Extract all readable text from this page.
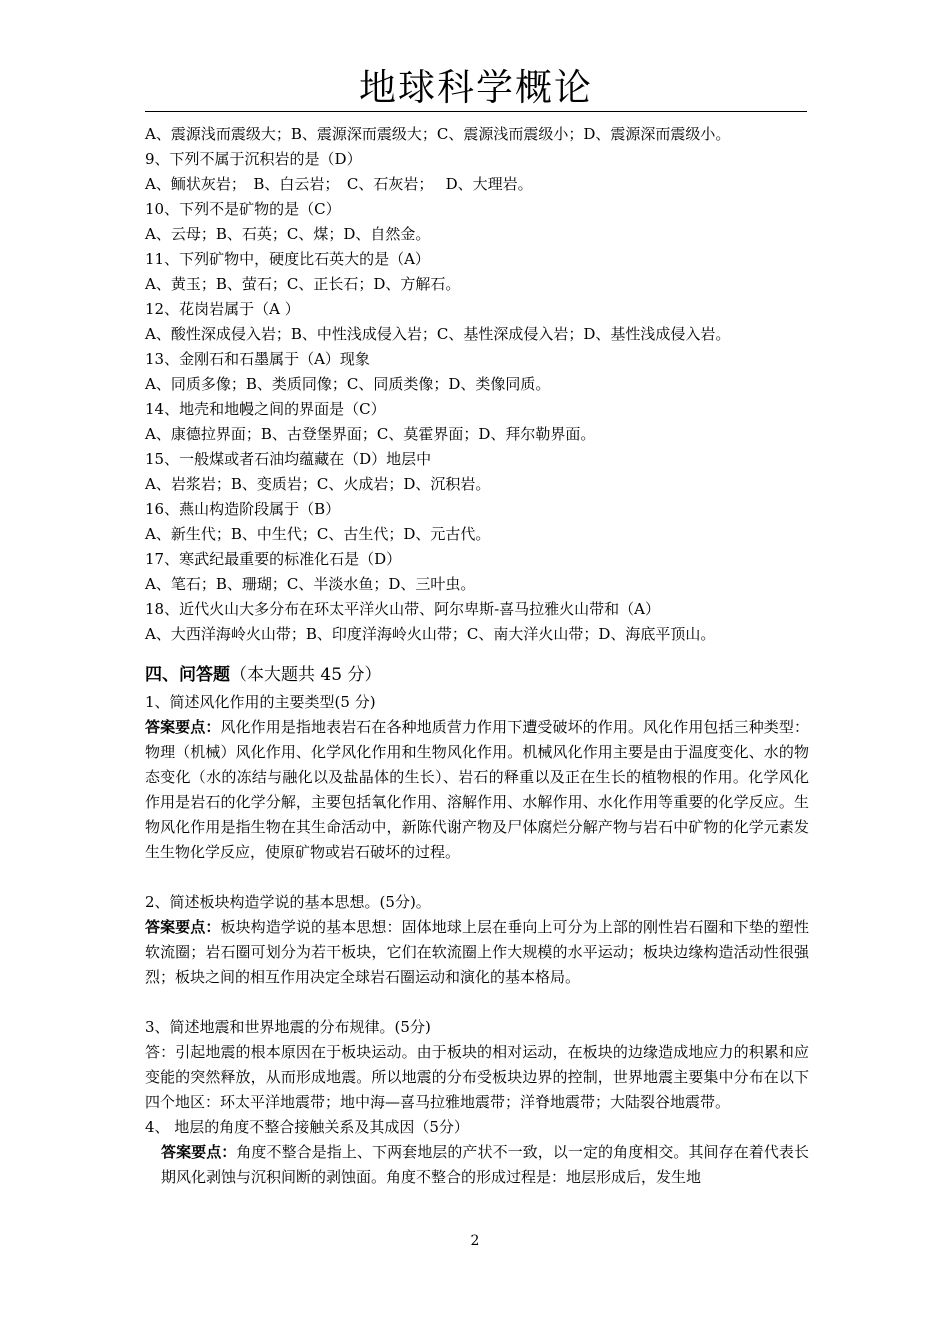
地球科学概论
A、震源浅而震级大；B、震源深而震级大；C、震源浅而震级小；D、震源深而震级小。
9、下列不属于沉积岩的是（D）
A、鲕状灰岩；　B、白云岩；　C、石灰岩；　 D、大理岩。
10、下列不是矿物的是（C）
A、云母；B、石英；C、煤；D、自然金。
11、下列矿物中，硬度比石英大的是（A）
A、黄玉；B、萤石；C、正长石；D、方解石。
12、花岗岩属于（A ）
A、酸性深成侵入岩；B、中性浅成侵入岩；C、基性深成侵入岩；D、基性浅成侵入岩。
13、金刚石和石墨属于（A）现象
A、同质多像；B、类质同像；C、同质类像；D、类像同质。
14、地壳和地幔之间的界面是（C）
A、康德拉界面；B、古登堡界面；C、莫霍界面；D、拜尔勒界面。
15、一般煤或者石油均蕴藏在（D）地层中
A、岩浆岩；B、变质岩；C、火成岩；D、沉积岩。
16、燕山构造阶段属于（B）
A、新生代；B、中生代；C、古生代；D、元古代。
17、寒武纪最重要的标准化石是（D）
A、笔石；B、珊瑚；C、半淡水鱼；D、三叶虫。
18、近代火山大多分布在环太平洋火山带、阿尔卑斯-喜马拉雅火山带和（A）
A、大西洋海岭火山带；B、印度洋海岭火山带；C、南大洋火山带；D、海底平顶山。
四、问答题（本大题共 45 分）
1、简述风化作用的主要类型(5 分)
答案要点：风化作用是指地表岩石在各种地质营力作用下遭受破坏的作用。风化作用包括三种类型：物理（机械）风化作用、化学风化作用和生物风化作用。机械风化作用主要是由于温度变化、水的物态变化（水的冻结与融化以及盐晶体的生长）、岩石的释重以及正在生长的植物根的作用。化学风化作用是岩石的化学分解，主要包括氧化作用、溶解作用、水解作用、水化作用等重要的化学反应。生物风化作用是指生物在其生命活动中，新陈代谢产物及尸体腐烂分解产物与岩石中矿物的化学元素发生生物化学反应，使原矿物或岩石破坏的过程。
2、简述板块构造学说的基本思想。(5分)。
答案要点：板块构造学说的基本思想：固体地球上层在垂向上可分为上部的刚性岩石圈和下垫的塑性软流圈；岩石圈可划分为若干板块，它们在软流圈上作大规模的水平运动；板块边缘构造活动性很强烈；板块之间的相互作用决定全球岩石圈运动和演化的基本格局。
3、简述地震和世界地震的分布规律。(5分)
答：引起地震的根本原因在于板块运动。由于板块的相对运动，在板块的边缘造成地应力的积累和应变能的突然释放，从而形成地震。所以地震的分布受板块边界的控制，世界地震主要集中分布在以下四个地区：环太平洋地震带；地中海—喜马拉雅地震带；洋脊地震带；大陆裂谷地震带。
4、 地层的角度不整合接触关系及其成因（5分）
答案要点：角度不整合是指上、下两套地层的产状不一致，以一定的角度相交。其间存在着代表长期风化剥蚀与沉积间断的剥蚀面。角度不整合的形成过程是：地层形成后，发生地
2
